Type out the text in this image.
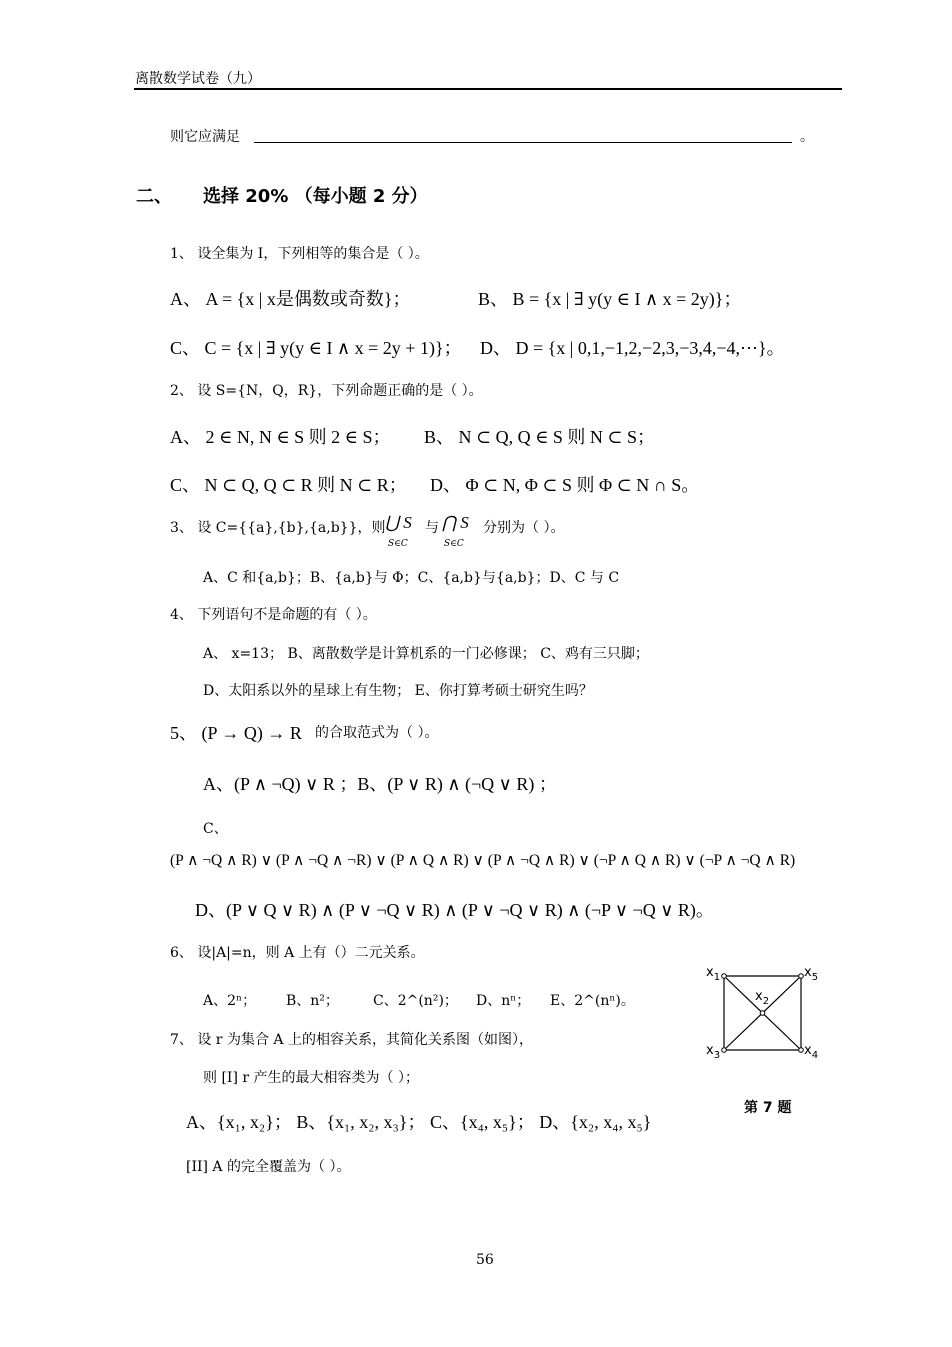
离散数学试卷（九）
则它应满足	。
二、 选择 20% （每小题 2 分）
1、 设全集为 I，下列相等的集合是（ ）。
A、 A = {x | x是偶数或奇数}；	B、 B = {x | ∃ y(y ∈ I ∧ x = 2y)}；
C、 C = {x | ∃ y(y ∈ I ∧ x = 2y + 1)}； D、 D = {x | 0,1,−1,2,−2,3,−3,4,−4,⋯}。
2、 设 S={N，Q，R}，下列命题正确的是（ ）。
A、 2 ∈ N, N ∈ S 则 2 ∈ S； B、 N ⊂ Q, Q ∈ S 则 N ⊂ S；
C、 N ⊂ Q, Q ⊂ R 则 N ⊂ R； D、 Φ ⊂ N, Φ ⊂ S 则 Φ ⊂ N ∩ S。
3、 设 C={{a},{b},{a,b}}，则 ⋃ S 与 ⋂ S
S∈C	S∈C
分别为（ ）。
A、C 和{a,b}；B、{a,b}与 Φ；C、{a,b}与{a,b}；D、C 与 C
4、 下列语句不是命题的有（ ）。
A、 x=13； B、离散数学是计算机系的一门必修课； C、鸡有三只脚；
D、太阳系以外的星球上有生物； E、你打算考硕士研究生吗？
5、 (P → Q) → R 的合取范式为（ ）。
A、(P ∧ ¬Q) ∨ R ；B、(P ∨ R) ∧ (¬Q ∨ R) ；
C、
(P ∧ ¬Q ∧ R) ∨ (P ∧ ¬Q ∧ ¬R) ∨ (P ∧ Q ∧ R) ∨ (P ∧ ¬Q ∧ R) ∨ (¬P ∧ Q ∧ R) ∨ (¬P ∧ ¬Q ∧ R)
D、(P ∨ Q ∨ R) ∧ (P ∨ ¬Q ∨ R) ∧ (P ∨ ¬Q ∨ R) ∧ (¬P ∨ ¬Q ∨ R)。
6、 设|A|=n，则 A 上有（）二元关系。
A、2ⁿ； B、n²； C、2^(n²)； D、nⁿ； E、2^(nⁿ)。
7、 设 r 为集合 A 上的相容关系，其简化关系图（如图），
则 [I] r 产生的最大相容类为（ ）；
A、{x₁, x₂}； B、{x₁, x₂, x₃}； C、{x₄, x₅}； D、{x₂, x₄, x₅}
[II] A 的完全覆盖为（ ）。
$x_1$	$x_5$
$x_2$
$x_3$	$x_4$
第 7 题
56
